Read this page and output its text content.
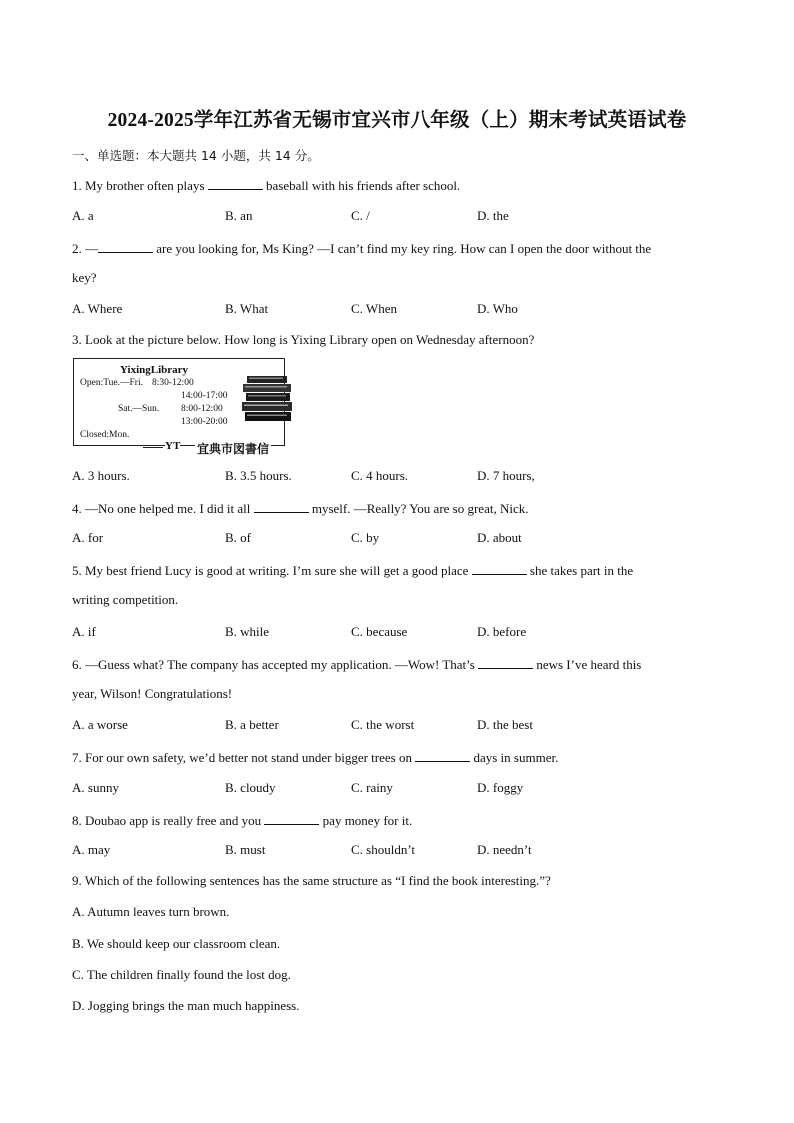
2024-2025学年江苏省无锡市宜兴市八年级（上）期末考试英语试卷
一、单选题：本大题共 14 小题，共 14 分。
1. My brother often plays	baseball with his friends after school.
A. a	B. an	C. /	D. the
2. —	are you looking for, Ms King? —I can’t find my key ring. How can I open the door without the
key?
A. Where	B. What	C. When	D. Who
3. Look at the picture below. How long is Yixing Library open on Wednesday afternoon?
YixingLibrary
Open:Tue.—Fri. 8:30-12:00
14:00-17:00
Sat.—Sun. 8:00-12:00
13:00-20:00
Closed:Mon.
YT 宜典市図書信
A. 3 hours.	B. 3.5 hours.	C. 4 hours.	D. 7 hours,
4. —No one helped me. I did it all	myself. —Really? You are so great, Nick.
A. for	B. of	C. by	D. about
5. My best friend Lucy is good at writing. I’m sure she will get a good place	she takes part in the
writing competition.
A. if	B. while	C. because	D. before
6. —Guess what? The company has accepted my application. —Wow! That’s	news I’ve heard this
year, Wilson! Congratulations!
A. a worse	B. a better	C. the worst	D. the best
7. For our own safety, we’d better not stand under bigger trees on	days in summer.
A. sunny	B. cloudy	C. rainy	D. foggy
8. Doubao app is really free and you	pay money for it.
A. may	B. must	C. shouldn’t	D. needn’t
9. Which of the following sentences has the same structure as “I find the book interesting.”?
A. Autumn leaves turn brown.
B. We should keep our classroom clean.
C. The children finally found the lost dog.
D. Jogging brings the man much happiness.
